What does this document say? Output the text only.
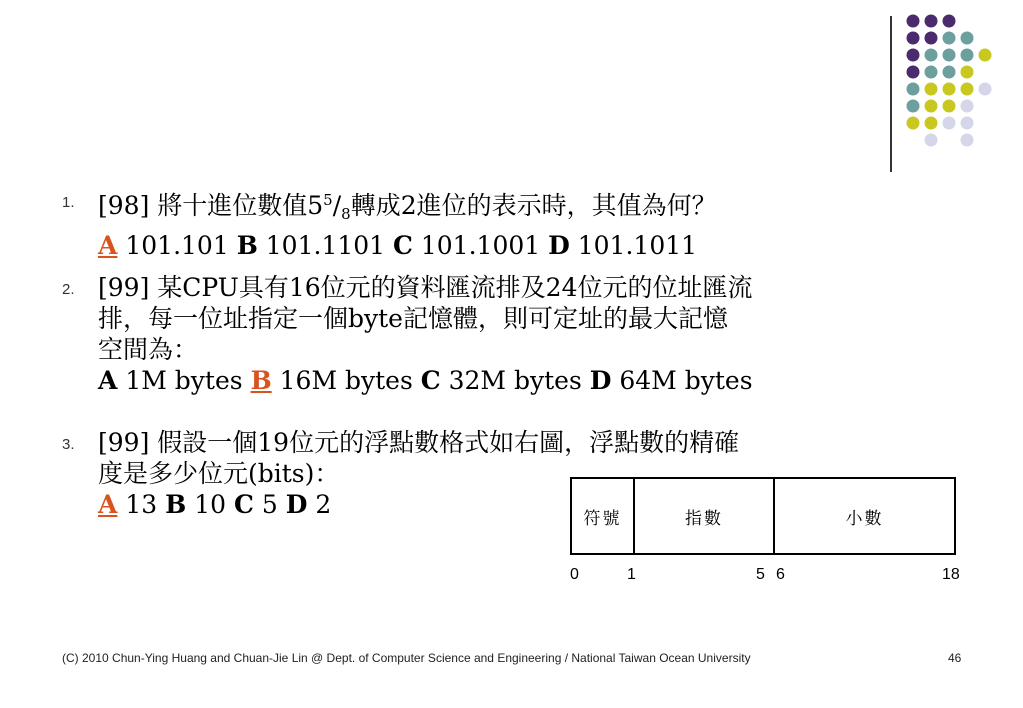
1. [98] 將十進位數值$5^5/_8$轉成2進位的表示時，其值為何？
A 101.101 B 101.1101 C 101.1001 D 101.1011
2. [99] 某CPU具有16位元的資料匯流排及24位元的位址匯流
排，每一位址指定一個byte記憶體，則可定址的最大記憶
空間為：
A 1M bytes B 16M bytes C 32M bytes D 64M bytes
3. [99] 假設一個19位元的浮點數格式如右圖，浮點數的精確
度是多少位元(bits)：
A 13 B 10 C 5 D 2	符號	指數	小數
0	1	5 6	18
(C) 2010 Chun-Ying Huang and Chuan-Jie Lin @ Dept. of Computer Science and Engineering / National Taiwan Ocean University	46
